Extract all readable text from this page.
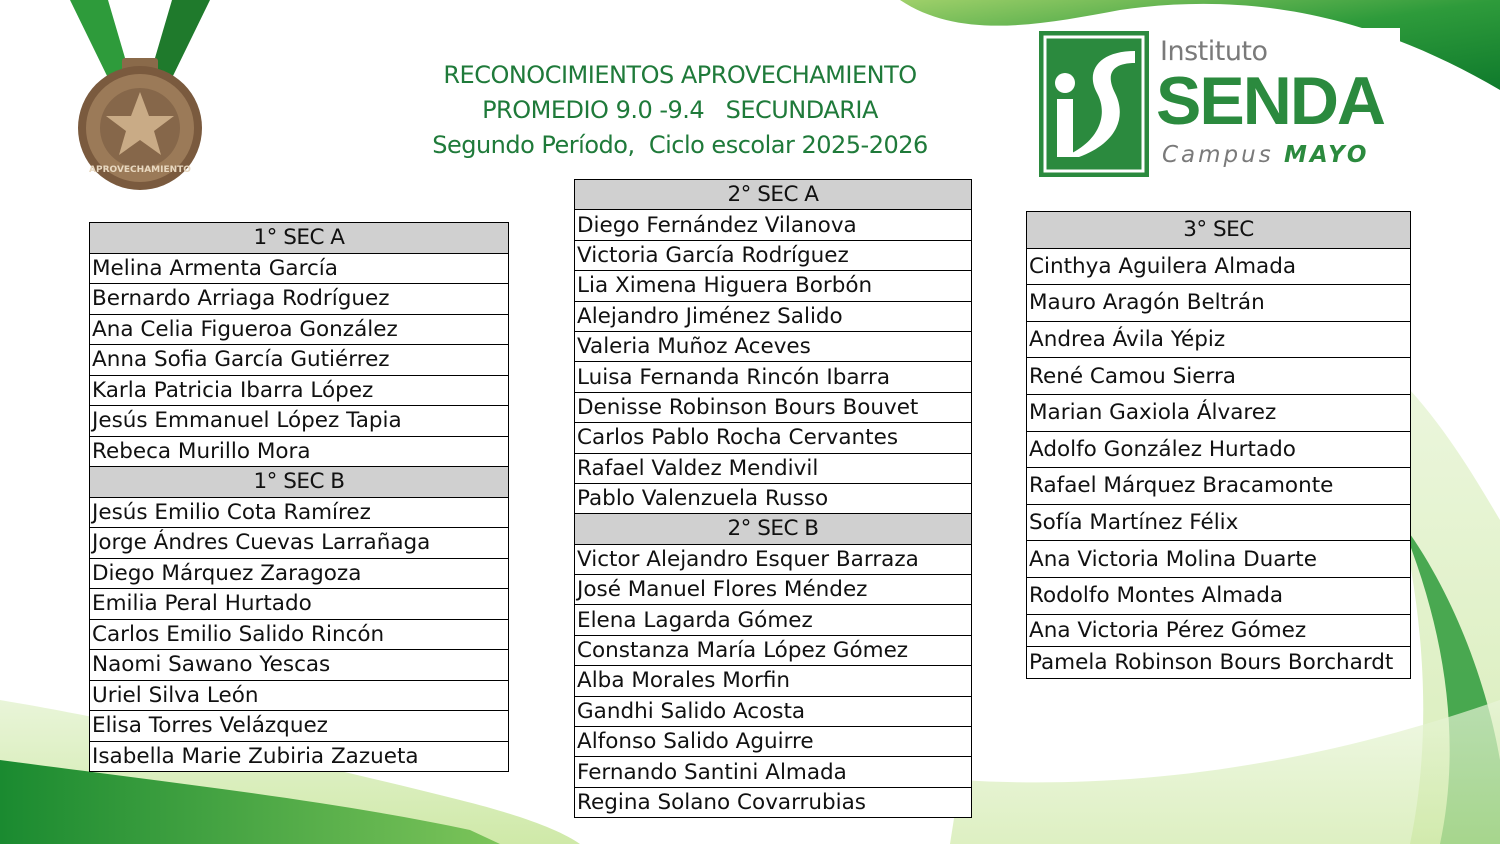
APROVECHAMIENTO
RECONOCIMIENTOS APROVECHAMIENTO
PROMEDIO 9.0 -9.4   SECUNDARIA
Segundo Período,  Ciclo escolar 2025-2026
Instituto
SENDA
Campus MAYO
1° SEC A
Melina Armenta García
Bernardo Arriaga Rodríguez
Ana Celia Figueroa González
Anna Sofia García Gutiérrez
Karla Patricia Ibarra López
Jesús Emmanuel López Tapia
Rebeca Murillo Mora
1° SEC B
Jesús Emilio Cota Ramírez
Jorge Ándres Cuevas Larrañaga
Diego Márquez Zaragoza
Emilia Peral Hurtado
Carlos Emilio Salido Rincón
Naomi Sawano Yescas
Uriel Silva León
Elisa Torres Velázquez
Isabella Marie Zubiria Zazueta
2° SEC A
Diego Fernández Vilanova
Victoria García Rodríguez
Lia Ximena Higuera Borbón
Alejandro Jiménez Salido
Valeria Muñoz Aceves
Luisa Fernanda Rincón Ibarra
Denisse Robinson Bours Bouvet
Carlos Pablo Rocha Cervantes
Rafael Valdez Mendivil
Pablo Valenzuela Russo
2° SEC B
Victor Alejandro Esquer Barraza
José Manuel Flores Méndez
Elena Lagarda Gómez
Constanza María López Gómez
Alba Morales Morfin
Gandhi Salido Acosta
Alfonso Salido Aguirre
Fernando Santini Almada
Regina Solano Covarrubias
3° SEC
Cinthya Aguilera Almada
Mauro Aragón Beltrán
Andrea Ávila Yépiz
René Camou Sierra
Marian Gaxiola Álvarez
Adolfo González Hurtado
Rafael Márquez Bracamonte
Sofía Martínez Félix
Ana Victoria Molina Duarte
Rodolfo Montes Almada
Ana Victoria Pérez Gómez
Pamela Robinson Bours Borchardt
